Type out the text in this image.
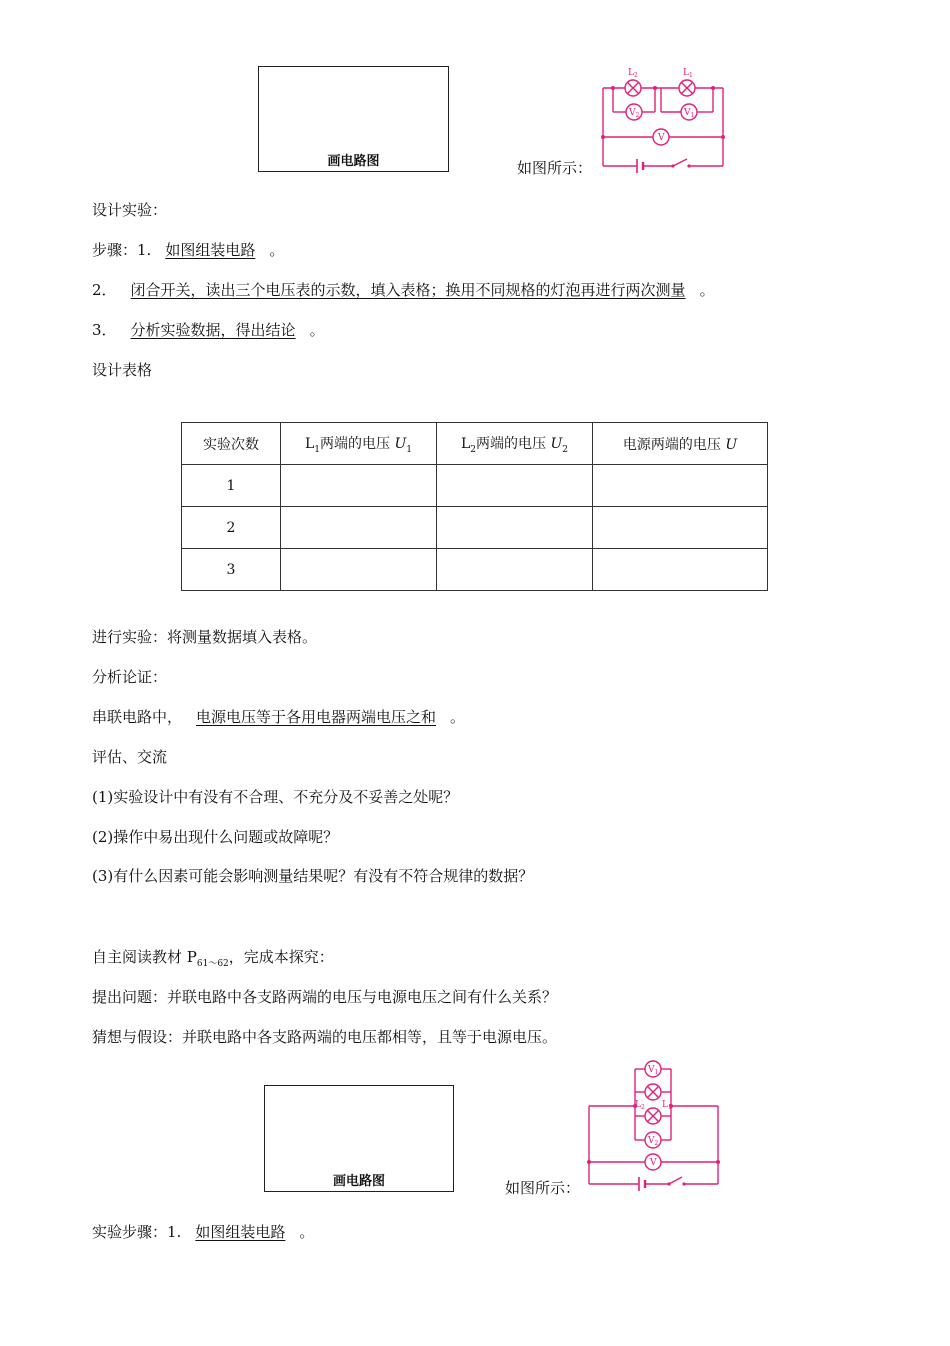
画电路图	如图所示：
$L_2$	$L_1$
$V_2$	$V_1$
V
设计实验：
步骤：1. 如图组装电路 。
2． 闭合开关，读出三个电压表的示数，填入表格；换用不同规格的灯泡再进行两次测量 。
3． 分析实验数据，得出结论 。
设计表格
实验次数	$L_1$两端的电压 $U_1$	$L_2$两端的电压 $U_2$	电源两端的电压 U
1			
2			
3			
进行实验：将测量数据填入表格。
分析论证：
串联电路中， 电源电压等于各用电器两端电压之和 。
评估、交流
(1)实验设计中有没有不合理、不充分及不妥善之处呢？
(2)操作中易出现什么问题或故障呢？
(3)有什么因素可能会影响测量结果呢？有没有不符合规律的数据？
自主阅读教材 $P_{61\sim 62}$，完成本探究：
提出问题：并联电路中各支路两端的电压与电源电压之间有什么关系？
猜想与假设：并联电路中各支路两端的电压都相等，且等于电源电压。
画电路图	如图所示：
$V_1$
$L_2$ $L_1$
$V_2$
V
实验步骤：1. 如图组装电路 。
